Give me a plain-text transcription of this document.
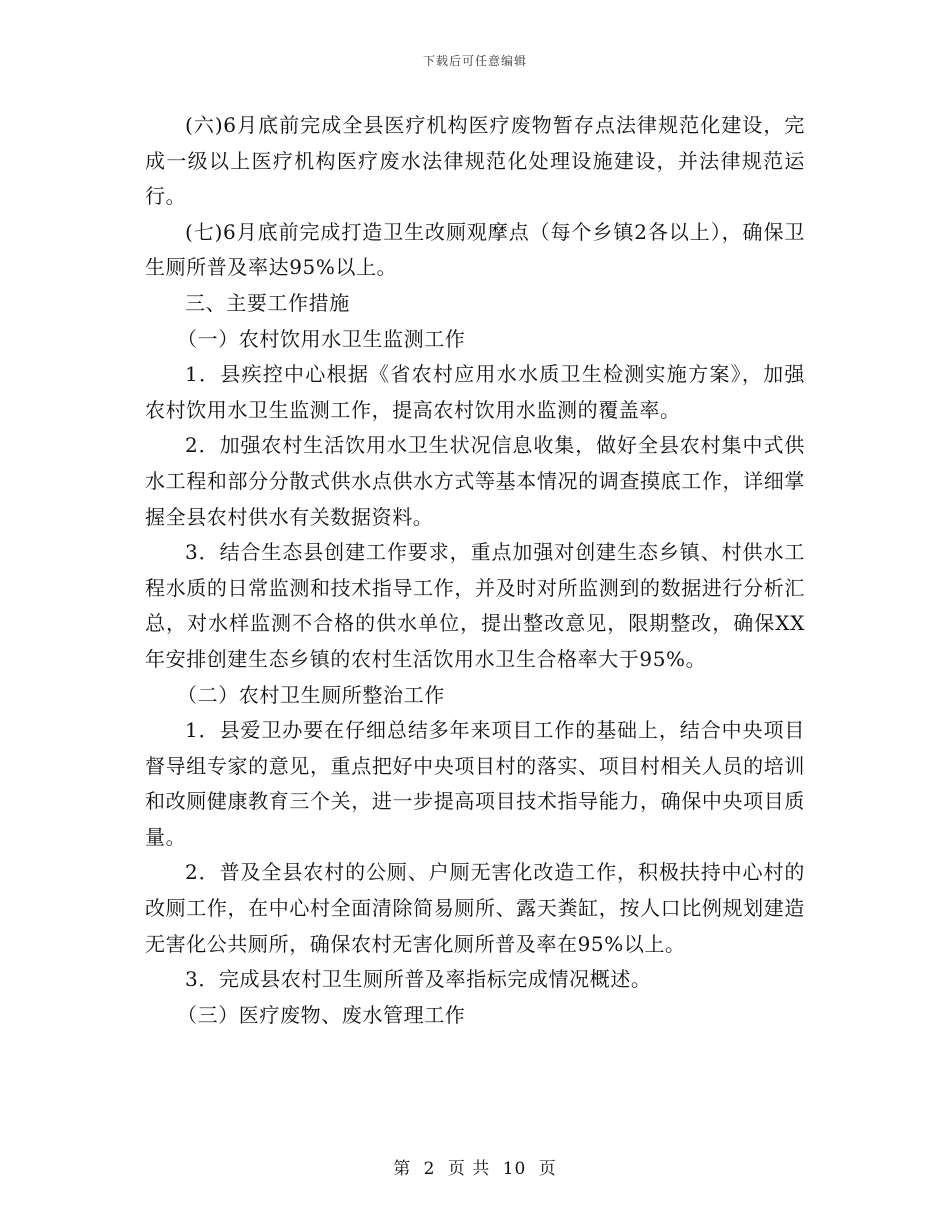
下载后可任意编辑

(六)6月底前完成全县医疗机构医疗废物暂存点法律规范化建设，完成一级以上医疗机构医疗废水法律规范化处理设施建设，并法律规范运行。

(七)6月底前完成打造卫生改厕观摩点（每个乡镇2各以上），确保卫生厕所普及率达95%以上。

三、主要工作措施

（一）农村饮用水卫生监测工作

1．县疾控中心根据《省农村应用水水质卫生检测实施方案》，加强农村饮用水卫生监测工作，提高农村饮用水监测的覆盖率。

2．加强农村生活饮用水卫生状况信息收集，做好全县农村集中式供水工程和部分分散式供水点供水方式等基本情况的调查摸底工作，详细掌握全县农村供水有关数据资料。

3．结合生态县创建工作要求，重点加强对创建生态乡镇、村供水工程水质的日常监测和技术指导工作，并及时对所监测到的数据进行分析汇总，对水样监测不合格的供水单位，提出整改意见，限期整改，确保XX年安排创建生态乡镇的农村生活饮用水卫生合格率大于95%。

（二）农村卫生厕所整治工作

1．县爱卫办要在仔细总结多年来项目工作的基础上，结合中央项目督导组专家的意见，重点把好中央项目村的落实、项目村相关人员的培训和改厕健康教育三个关，进一步提高项目技术指导能力，确保中央项目质量。

2．普及全县农村的公厕、户厕无害化改造工作，积极扶持中心村的改厕工作，在中心村全面清除简易厕所、露天粪缸，按人口比例规划建造无害化公共厕所，确保农村无害化厕所普及率在95%以上。

3．完成县农村卫生厕所普及率指标完成情况概述。

（三）医疗废物、废水管理工作

第 2 页 共 10 页
